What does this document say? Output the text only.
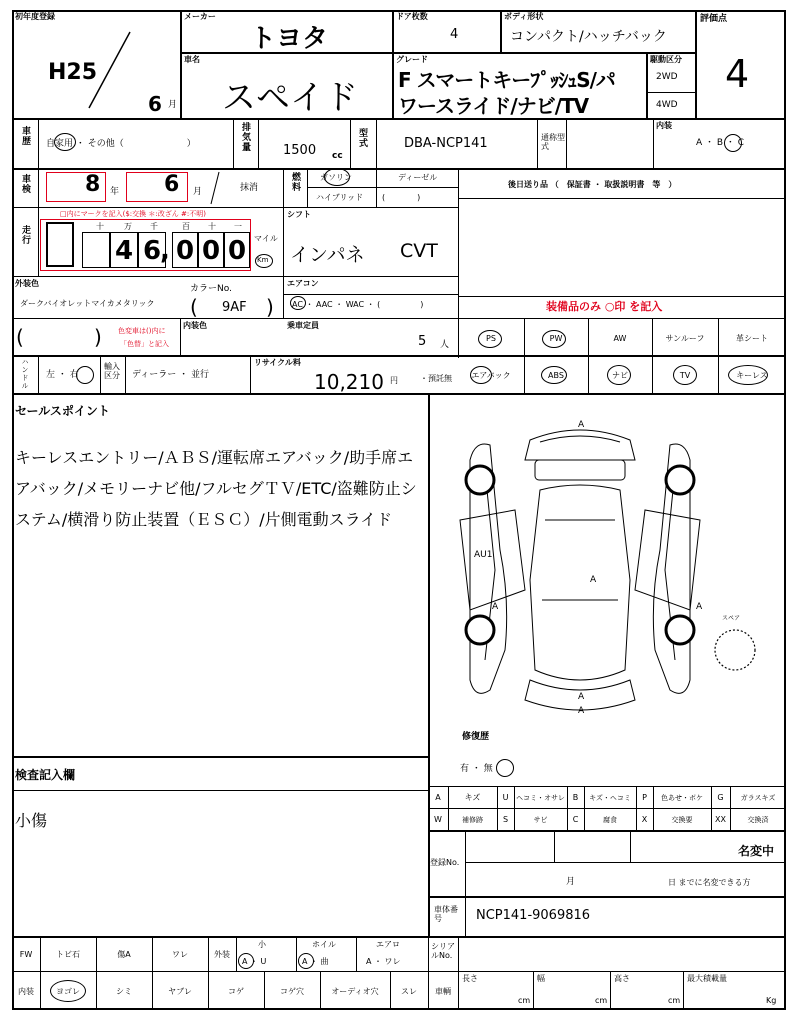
初年度登録
H25
6 月
メーカー
トヨタ
ドア枚数
4
ボディ形状
コンパクト/ハッチバック
評価点
4
車名
スペイド
グレード
F スマートキーﾌﾟｯｼｭS/パ
ワースライド/ナビ/TV
駆動区分
2WD
4WD
車歴 自家用 ・ その他（　　　　　　　）	排気量	1500 cc
型式	DBA-NCP141	通称型式
内装
A ・ B ・ C
車検	8 年 6 月	抹消	燃料	ガソリン	ディーゼル
ハイブリッド (　　　　)
後日送り品 （　保証書 ・ 取扱説明書　等　）
走行
□内にマークを記入($:交換 ＊:改ざん #:不明)
十	万 千	百 十 一
4 6 , 0 0 0 マイル
Km
シフト
インパネ CVT
外装色
ダークバイオレットマイカメタリック
カラーNo.
( 9AF )
(	) 色変車は()内に
「色替」と記入
内装色
エアコン
AC ・ AAC ・ WAC ・ (　　　　　)
乗車定員
5 人
装備品のみ ○印 を記入
PS	PW	AW	サンルーフ	革シート
エアバック	ABS	ナビ	TV	キーレス
ハンドル 左 ・ 右
輸入区分 ディーラー ・ 並行
リサイクル料
10,210 円	・預託無
セールスポイント
キーレスエントリー/ＡＢＳ/運転席エアバック/助手席エ
アバック/メモリーナビ他/フルセグＴＶ/ETC/盗難防止シ
ステム/横滑り防止装置（ＥＳＣ）/片側電動スライド
検査記入欄
小傷
A
A	A
A
A
A
AU1
スペア
修復歴
有 ・ 無
A	キズ	U	ヘコミ・オサレ B	キズ・ヘコミ	P	色あせ・ボケ	G	ガラスキズ
W	補修跡	S	サビ	C	腐食	X	交換要	XX	交換済
登録No.
名変中
月	日 までに名変できる方
車体番号	NCP141-9069816
FW	トビ石	傷A	ワレ	外装
小
A ・ U
ホイル
A ・ 曲
エアロ
A ・ ワレ
シリアルNo.
内装	ヨゴレ	シミ	ヤブレ	コゲ	コゲ穴	オーディオ穴	スレ	車輌
長さ
cm
幅
cm
高さ
cm
最大積載量
Kg
